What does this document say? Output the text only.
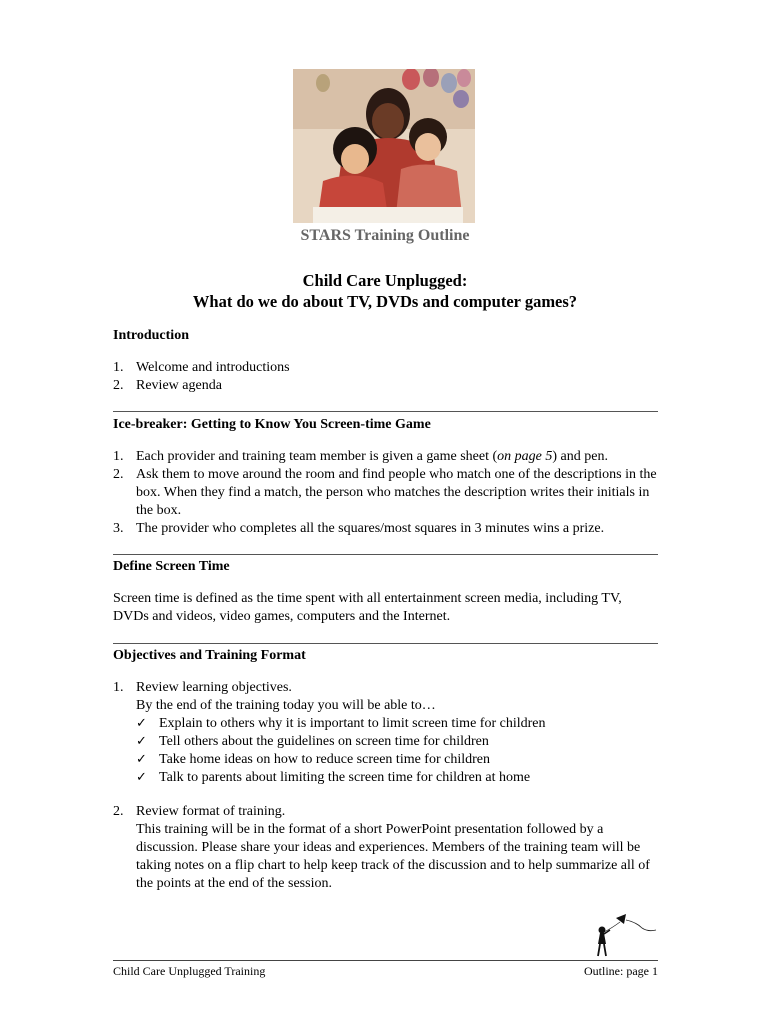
STARS Training Outline
Child Care Unplugged:
What do we do about TV, DVDs and computer games?
Introduction
1. Welcome and introductions
2. Review agenda
Ice-breaker: Getting to Know You Screen-time Game
1. Each provider and training team member is given a game sheet (on page 5) and pen.
2. Ask them to move around the room and find people who match one of the descriptions in the box. When they find a match, the person who matches the description writes their initials in the box.
3. The provider who completes all the squares/most squares in 3 minutes wins a prize.
Define Screen Time

Screen time is defined as the time spent with all entertainment screen media, including TV, DVDs and videos, video games, computers and the Internet.

Objectives and Training Format
1. Review learning objectives.
By the end of the training today you will be able to…
✓ Explain to others why it is important to limit screen time for children
✓ Tell others about the guidelines on screen time for children
✓ Take home ideas on how to reduce screen time for children
✓ Talk to parents about limiting the screen time for children at home
2. Review format of training.
This training will be in the format of a short PowerPoint presentation followed by a discussion. Please share your ideas and experiences. Members of the training team will be taking notes on a flip chart to help keep track of the discussion and to help summarize all of the points at the end of the session.
Child Care Unplugged Training	Outline: page 1
